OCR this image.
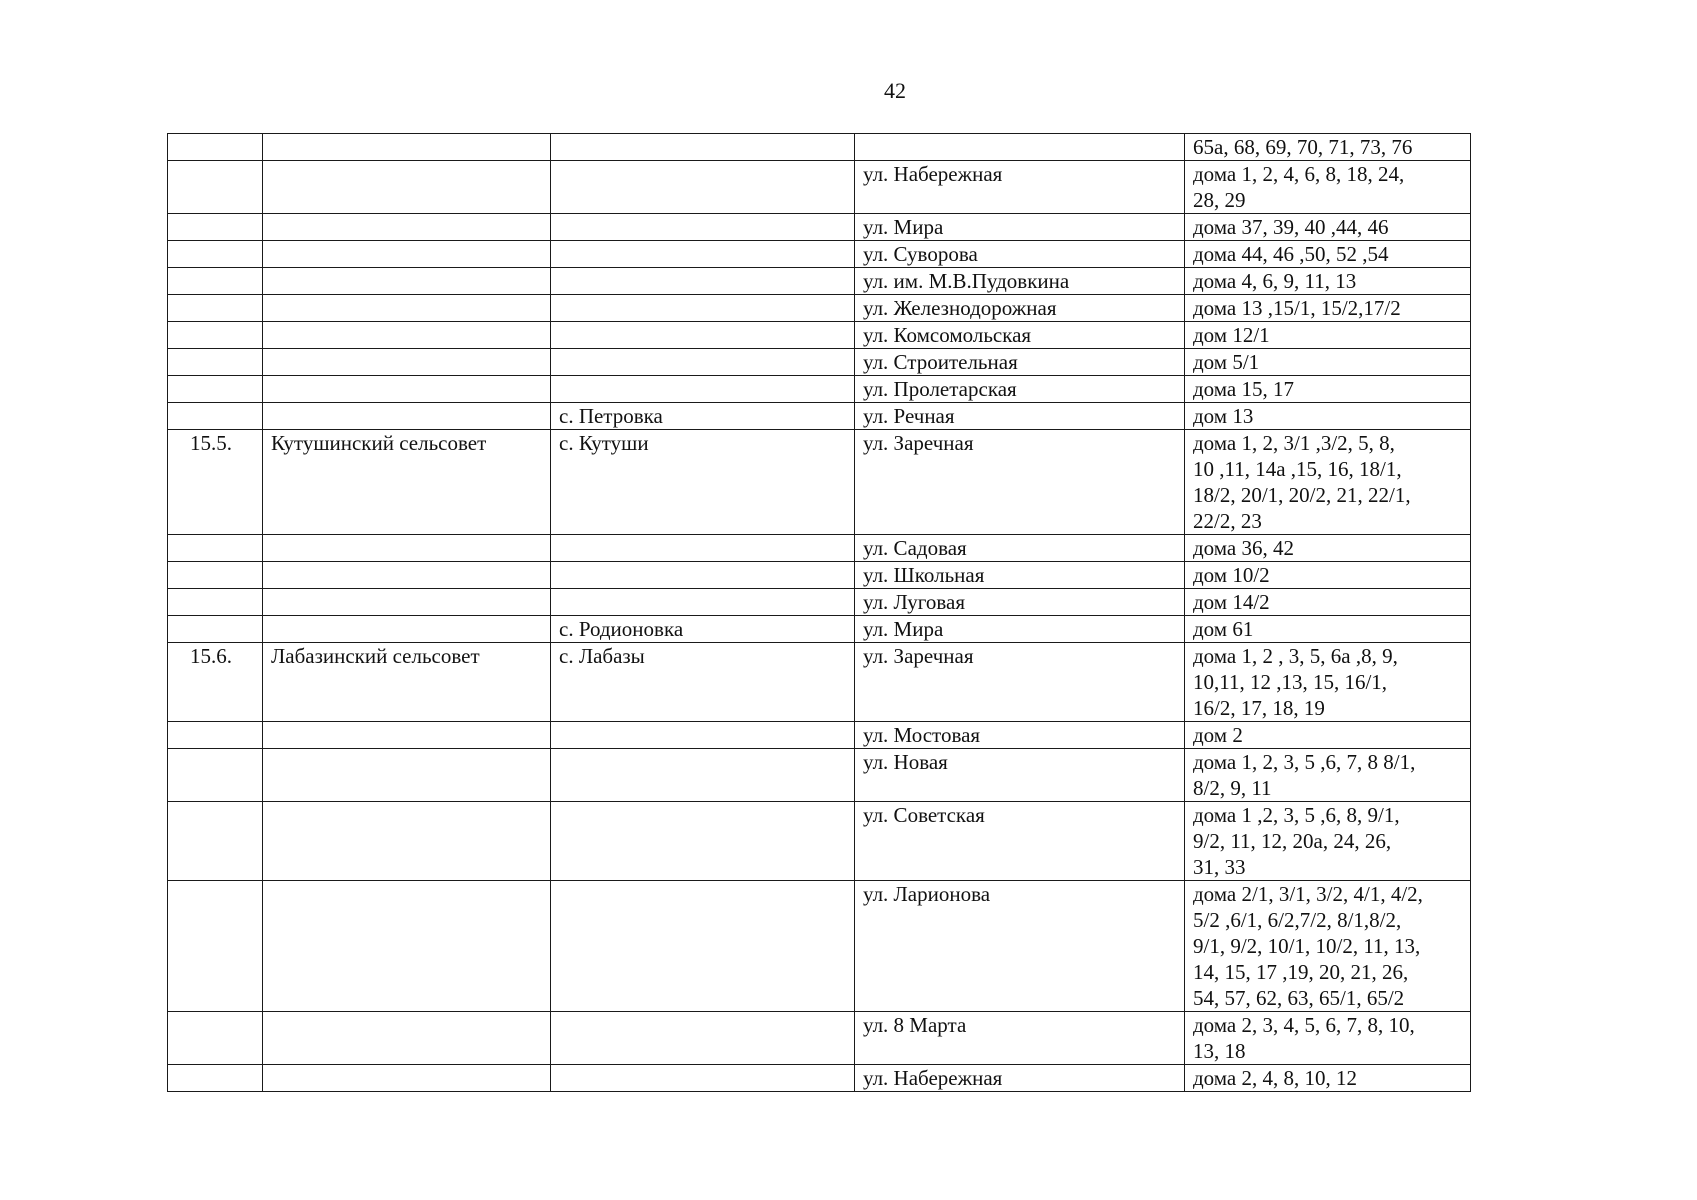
42
				65а, 68, 69, 70, 71, 73, 76
			ул. Набережная	дома 1, 2, 4, 6, 8, 18, 24,
28, 29
			ул. Мира	дома 37, 39, 40 ,44, 46
			ул. Суворова	дома 44, 46 ,50, 52 ,54
			ул. им. М.В.Пудовкина	дома 4, 6, 9, 11, 13
			ул. Железнодорожная	дома 13 ,15/1, 15/2,17/2
			ул. Комсомольская	дом 12/1
			ул. Строительная	дом 5/1
			ул. Пролетарская	дома 15, 17
		с. Петровка	ул. Речная	дом 13
15.5.	Кутушинский сельсовет	с. Кутуши	ул. Заречная	дома 1, 2, 3/1 ,3/2, 5, 8,
10 ,11, 14а ,15, 16, 18/1,
18/2, 20/1, 20/2, 21, 22/1,
22/2, 23
			ул. Садовая	дома 36, 42
			ул. Школьная	дом 10/2
			ул. Луговая	дом 14/2
		с. Родионовка	ул. Мира	дом 61
15.6.	Лабазинский сельсовет	с. Лабазы	ул. Заречная	дома 1, 2 , 3, 5, 6а ,8, 9,
10,11, 12 ,13, 15, 16/1,
16/2, 17, 18, 19
			ул. Мостовая	дом 2
			ул. Новая	дома 1, 2, 3, 5 ,6, 7, 8 8/1,
8/2, 9, 11
			ул. Советская	дома 1 ,2, 3, 5 ,6, 8, 9/1,
9/2, 11, 12, 20а, 24, 26,
31, 33
			ул. Ларионова	дома 2/1, 3/1, 3/2, 4/1, 4/2,
5/2 ,6/1, 6/2,7/2, 8/1,8/2,
9/1, 9/2, 10/1, 10/2, 11, 13,
14, 15, 17 ,19, 20, 21, 26,
54, 57, 62, 63, 65/1, 65/2
			ул. 8 Марта	дома 2, 3, 4, 5, 6, 7, 8, 10,
13, 18
			ул. Набережная	дома 2, 4, 8, 10, 12
